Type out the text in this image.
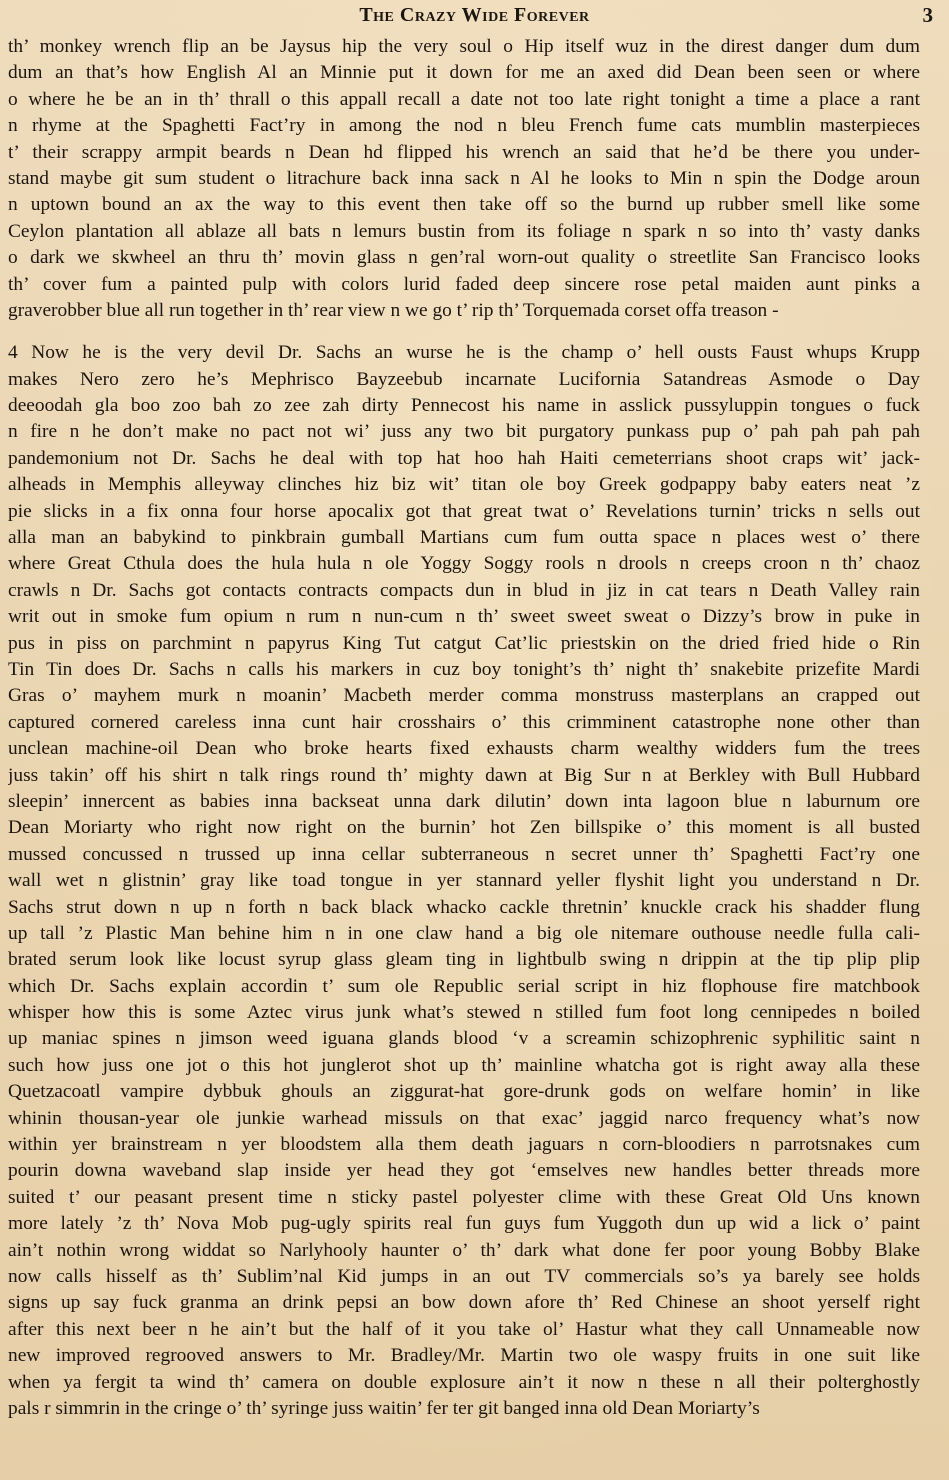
The Crazy Wide Forever	3
th’ monkey wrench flip an be Jaysus hip the very soul o Hip itself wuz in the direst danger dum dum
dum an that’s how English Al an Minnie put it down for me an axed did Dean been seen or where
o where he be an in th’ thrall o this appall recall a date not too late right tonight a time a place a rant
n rhyme at the Spaghetti Fact’ry in among the nod n bleu French fume cats mumblin masterpieces
t’ their scrappy armpit beards n Dean hd flipped his wrench an said that he’d be there you under-
stand maybe git sum student o litrachure back inna sack n Al he looks to Min n spin the Dodge aroun
n uptown bound an ax the way to this event then take off so the burnd up rubber smell like some
Ceylon plantation all ablaze all bats n lemurs bustin from its foliage n spark n so into th’ vasty danks
o dark we skwheel an thru th’ movin glass n gen’ral worn-out quality o streetlite San Francisco looks
th’ cover fum a painted pulp with colors lurid faded deep sincere rose petal maiden aunt pinks a
graverobber blue all run together in th’ rear view n we go t’ rip th’ Torquemada corset offa treason -
4 Now he is the very devil Dr. Sachs an wurse he is the champ o’ hell ousts Faust whups Krupp
makes Nero zero he’s Mephrisco Bayzeebub incarnate Lucifornia Satandreas Asmode o Day
deeoodah gla boo zoo bah zo zee zah dirty Pennecost his name in asslick pussyluppin tongues o fuck
n fire n he don’t make no pact not wi’ juss any two bit purgatory punkass pup o’ pah pah pah pah
pandemonium not Dr. Sachs he deal with top hat hoo hah Haiti cemeterrians shoot craps wit’ jack-
alheads in Memphis alleyway clinches hiz biz wit’ titan ole boy Greek godpappy baby eaters neat ’z
pie slicks in a fix onna four horse apocalix got that great twat o’ Revelations turnin’ tricks n sells out
alla man an babykind to pinkbrain gumball Martians cum fum outta space n places west o’ there
where Great Cthula does the hula hula n ole Yoggy Soggy rools n drools n creeps croon n th’ chaoz
crawls n Dr. Sachs got contacts contracts compacts dun in blud in jiz in cat tears n Death Valley rain
writ out in smoke fum opium n rum n nun-cum n th’ sweet sweet sweat o Dizzy’s brow in puke in
pus in piss on parchmint n papyrus King Tut catgut Cat’lic priestskin on the dried fried hide o Rin
Tin Tin does Dr. Sachs n calls his markers in cuz boy tonight’s th’ night th’ snakebite prizefite Mardi
Gras o’ mayhem murk n moanin’ Macbeth merder comma monstruss masterplans an crapped out
captured cornered careless inna cunt hair crosshairs o’ this crimminent catastrophe none other than
unclean machine-oil Dean who broke hearts fixed exhausts charm wealthy widders fum the trees
juss takin’ off his shirt n talk rings round th’ mighty dawn at Big Sur n at Berkley with Bull Hubbard
sleepin’ innercent as babies inna backseat unna dark dilutin’ down inta lagoon blue n laburnum ore
Dean Moriarty who right now right on the burnin’ hot Zen billspike o’ this moment is all busted
mussed concussed n trussed up inna cellar subterraneous n secret unner th’ Spaghetti Fact’ry one
wall wet n glistnin’ gray like toad tongue in yer stannard yeller flyshit light you understand n Dr.
Sachs strut down n up n forth n back black whacko cackle thretnin’ knuckle crack his shadder flung
up tall ’z Plastic Man behine him n in one claw hand a big ole nitemare outhouse needle fulla cali-
brated serum look like locust syrup glass gleam ting in lightbulb swing n drippin at the tip plip plip
which Dr. Sachs explain accordin t’ sum ole Republic serial script in hiz flophouse fire matchbook
whisper how this is some Aztec virus junk what’s stewed n stilled fum foot long cennipedes n boiled
up maniac spines n jimson weed iguana glands blood ‘v a screamin schizophrenic syphilitic saint n
such how juss one jot o this hot junglerot shot up th’ mainline whatcha got is right away alla these
Quetzacoatl vampire dybbuk ghouls an ziggurat-hat gore-drunk gods on welfare homin’ in like
whinin thousan-year ole junkie warhead missuls on that exac’ jaggid narco frequency what’s now
within yer brainstream n yer bloodstem alla them death jaguars n corn-bloodiers n parrotsnakes cum
pourin downa waveband slap inside yer head they got ‘emselves new handles better threads more
suited t’ our peasant present time n sticky pastel polyester clime with these Great Old Uns known
more lately ’z th’ Nova Mob pug-ugly spirits real fun guys fum Yuggoth dun up wid a lick o’ paint
ain’t nothin wrong widdat so Narlyhooly haunter o’ th’ dark what done fer poor young Bobby Blake
now calls hisself as th’ Sublim’nal Kid jumps in an out TV commercials so’s ya barely see holds
signs up say fuck granma an drink pepsi an bow down afore th’ Red Chinese an shoot yerself right
after this next beer n he ain’t but the half of it you take ol’ Hastur what they call Unnameable now
new improved regrooved answers to Mr. Bradley/Mr. Martin two ole waspy fruits in one suit like
when ya fergit ta wind th’ camera on double explosure ain’t it now n these n all their polterghostly
pals r simmrin in the cringe o’ th’ syringe juss waitin’ fer ter git banged inna old Dean Moriarty’s
